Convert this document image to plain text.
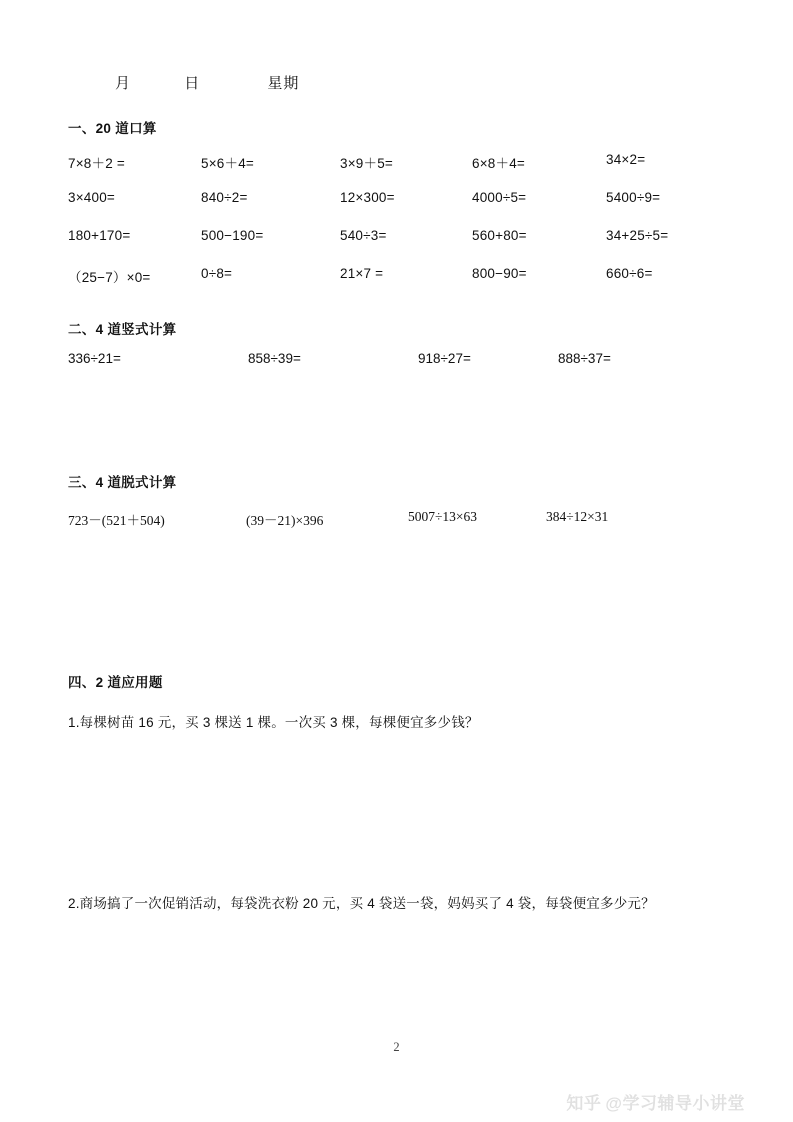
月	日	星期
一、20 道口算
7×8＋2 =	5×6＋4=	3×9＋5=	6×8＋4=	34×2=
3×400=	840÷2=	12×300=	4000÷5=	5400÷9=
180+170=	500−190=	540÷3=	560+80=	34+25÷5=
（25−7）×0=	0÷8=	21×7 =	800−90=	660÷6=
二、4 道竖式计算
336÷21=	858÷39=	918÷27=	888÷37=
三、4 道脱式计算
723－(521＋504)	(39－21)×396	5007÷13×63	384÷12×31
四、2 道应用题
1.每棵树苗 16 元，买 3 棵送 1 棵。一次买 3 棵，每棵便宜多少钱？
2.商场搞了一次促销活动，每袋洗衣粉 20 元，买 4 袋送一袋，妈妈买了 4 袋，每袋便宜多少元？
2
知乎 @学习辅导小讲堂
